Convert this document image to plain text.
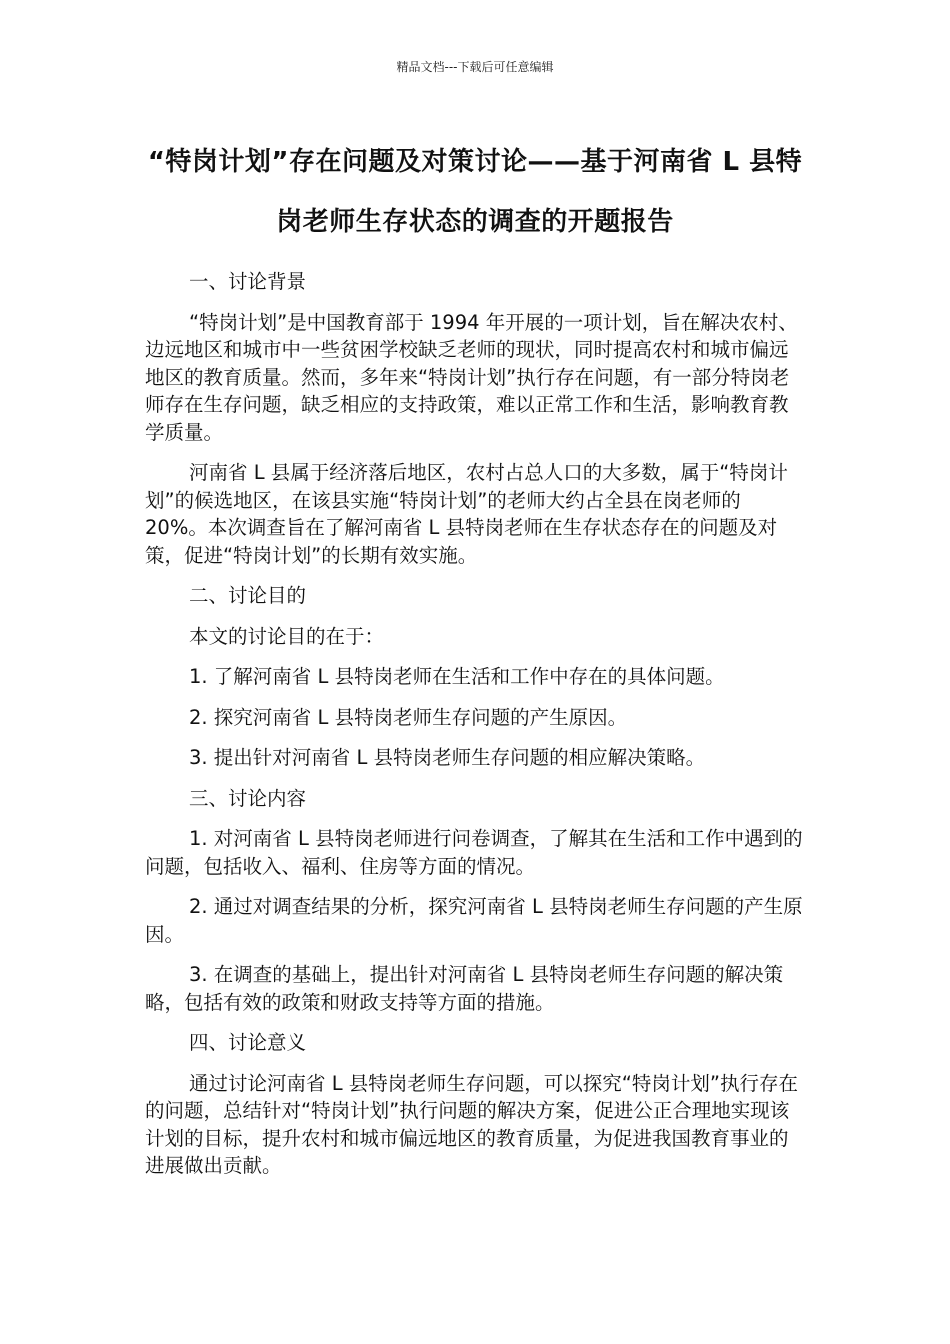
精品文档---下载后可任意编辑
“特岗计划”存在问题及对策讨论——基于河南省 L 县特岗老师生存状态的调查的开题报告

一、讨论背景

“特岗计划”是中国教育部于 1994 年开展的一项计划，旨在解决农村、边远地区和城市中一些贫困学校缺乏老师的现状，同时提高农村和城市偏远地区的教育质量。然而，多年来“特岗计划”执行存在问题，有一部分特岗老师存在生存问题，缺乏相应的支持政策，难以正常工作和生活，影响教育教学质量。

河南省 L 县属于经济落后地区，农村占总人口的大多数，属于“特岗计划”的候选地区，在该县实施“特岗计划”的老师大约占全县在岗老师的 20%。本次调查旨在了解河南省 L 县特岗老师在生存状态存在的问题及对策，促进“特岗计划”的长期有效实施。

二、讨论目的

本文的讨论目的在于：

1. 了解河南省 L 县特岗老师在生活和工作中存在的具体问题。

2. 探究河南省 L 县特岗老师生存问题的产生原因。

3. 提出针对河南省 L 县特岗老师生存问题的相应解决策略。

三、讨论内容

1. 对河南省 L 县特岗老师进行问卷调查，了解其在生活和工作中遇到的问题，包括收入、福利、住房等方面的情况。

2. 通过对调查结果的分析，探究河南省 L 县特岗老师生存问题的产生原因。

3. 在调查的基础上，提出针对河南省 L 县特岗老师生存问题的解决策略，包括有效的政策和财政支持等方面的措施。

四、讨论意义

通过讨论河南省 L 县特岗老师生存问题，可以探究“特岗计划”执行存在的问题，总结针对“特岗计划”执行问题的解决方案，促进公正合理地实现该计划的目标，提升农村和城市偏远地区的教育质量，为促进我国教育事业的进展做出贡献。
